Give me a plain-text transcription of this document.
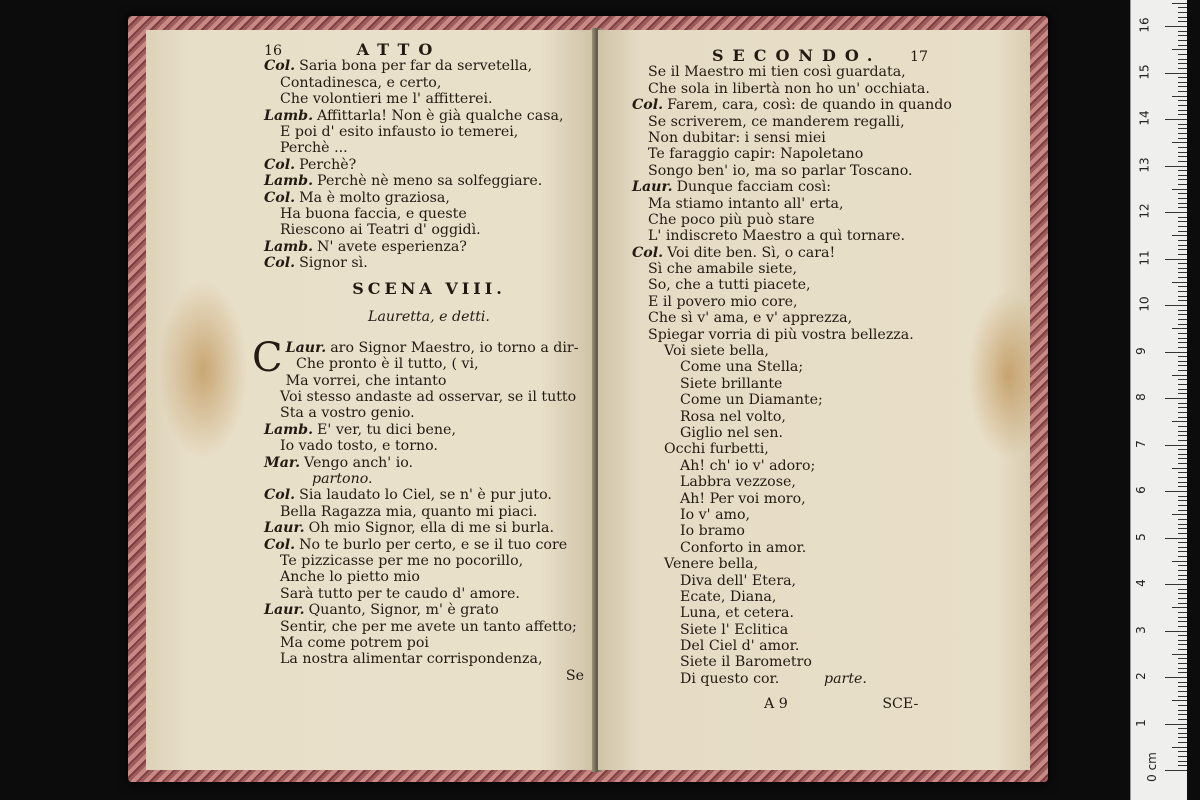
16	ATTO
Col. Saria bona per far da servetella,
Contadinesca, e certo,
Che volontieri me l' affitterei.
Lamb. Affittarla! Non è già qualche casa,
E poi d' esito infausto io temerei,
Perchè ...
Col. Perchè?
Lamb. Perchè nè meno sa solfeggiare.
Col. Ma è molto graziosa,
Ha buona faccia, e queste
Riescono ai Teatri d' oggidì.
Lamb. N' avete esperienza?
Col. Signor sì.
SCENA VIII.
Lauretta, e detti.
Laur.
C	aro Signor Maestro, io torno a dir-
Che pronto è il tutto, ( vi,
Ma vorrei, che intanto
Voi stesso andaste ad osservar, se il tutto
Sta a vostro genio.
Lamb. E' ver, tu dici bene,
Io vado tosto, e torno.
Mar. Vengo anch' io.
partono.
Col. Sia laudato lo Ciel, se n' è pur juto.
Bella Ragazza mia, quanto mi piaci.
Laur. Oh mio Signor, ella di me si burla.
Col. No te burlo per certo, e se il tuo core
Te pizzicasse per me no pocorillo,
Anche lo pietto mio
Sarà tutto per te caudo d' amore.
Laur. Quanto, Signor, m' è grato
Sentir, che per me avete un tanto affetto;
Ma come potrem poi
La nostra alimentar corrispondenza,
Se
SECONDO. 17
Se il Maestro mi tien così guardata,
Che sola in libertà non ho un' occhiata.
Col. Farem, cara, così: de quando in quando
Se scriverem, ce manderem regalli,
Non dubitar: i sensi miei
Te faraggio capir: Napoletano
Songo ben' io, ma so parlar Toscano.
Laur. Dunque facciam così:
Ma stiamo intanto all' erta,
Che poco più può stare
L' indiscreto Maestro a quì tornare.
Col. Voi dite ben. Sì, o cara!
Sì che amabile siete,
So, che a tutti piacete,
E il povero mio core,
Che sì v' ama, e v' apprezza,
Spiegar vorria di più vostra bellezza.
Voi siete bella,
Come una Stella;
Siete brillante
Come un Diamante;
Rosa nel volto,
Giglio nel sen.
Occhi furbetti,
Ah! ch' io v' adoro;
Labbra vezzose,
Ah! Per voi moro,
Io v' amo,
Io bramo
Conforto in amor.
Venere bella,
Diva dell' Etera,
Ecate, Diana,
Luna, et cetera.
Siete l' Eclitica
Del Ciel d' amor.
Siete il Barometro
Di questo cor.	parte.
A 9	SCE-
1
2
3
4
5
6
7
8
9
10
11
12
13
14
15
16
0 cm
